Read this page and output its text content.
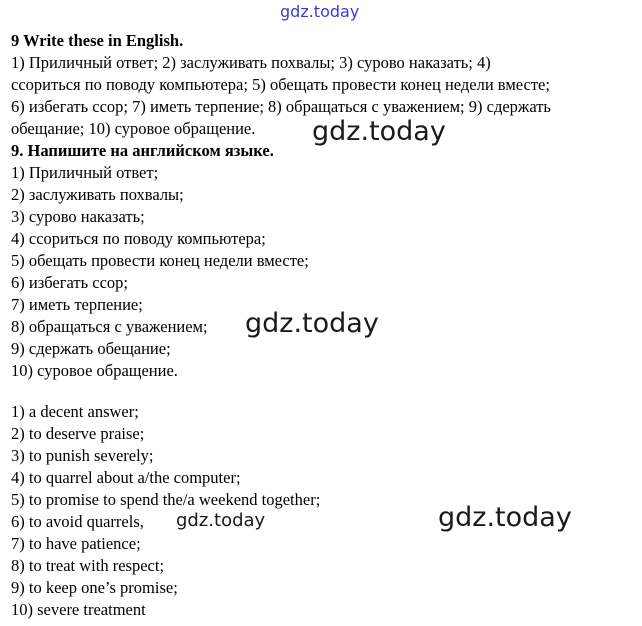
gdz.today
9 Write these in English.
1) Приличный ответ; 2) заслуживать похвалы; 3) сурово наказать; 4)
ссориться по поводу компьютера; 5) обещать провести конец недели вместе;
6) избегать ссор; 7) иметь терпение; 8) обращаться с уважением; 9) сдержать
обещание; 10) суровое обращение.
9. Напишите на английском языке.
1) Приличный ответ;
2) заслуживать похвалы;
3) сурово наказать;
4) ссориться по поводу компьютера;
5) обещать провести конец недели вместе;
6) избегать ссор;
7) иметь терпение;
8) обращаться с уважением;
9) сдержать обещание;
10) суровое обращение.
1) a decent answer;
2) to deserve praise;
3) to punish severely;
4) to quarrel about a/the computer;
5) to promise to spend the/a weekend together;
6) to avoid quarrels,
7) to have patience;
8) to treat with respect;
9) to keep one’s promise;
10) severe treatment
gdz.today
gdz.today
gdz.today	gdz.today
